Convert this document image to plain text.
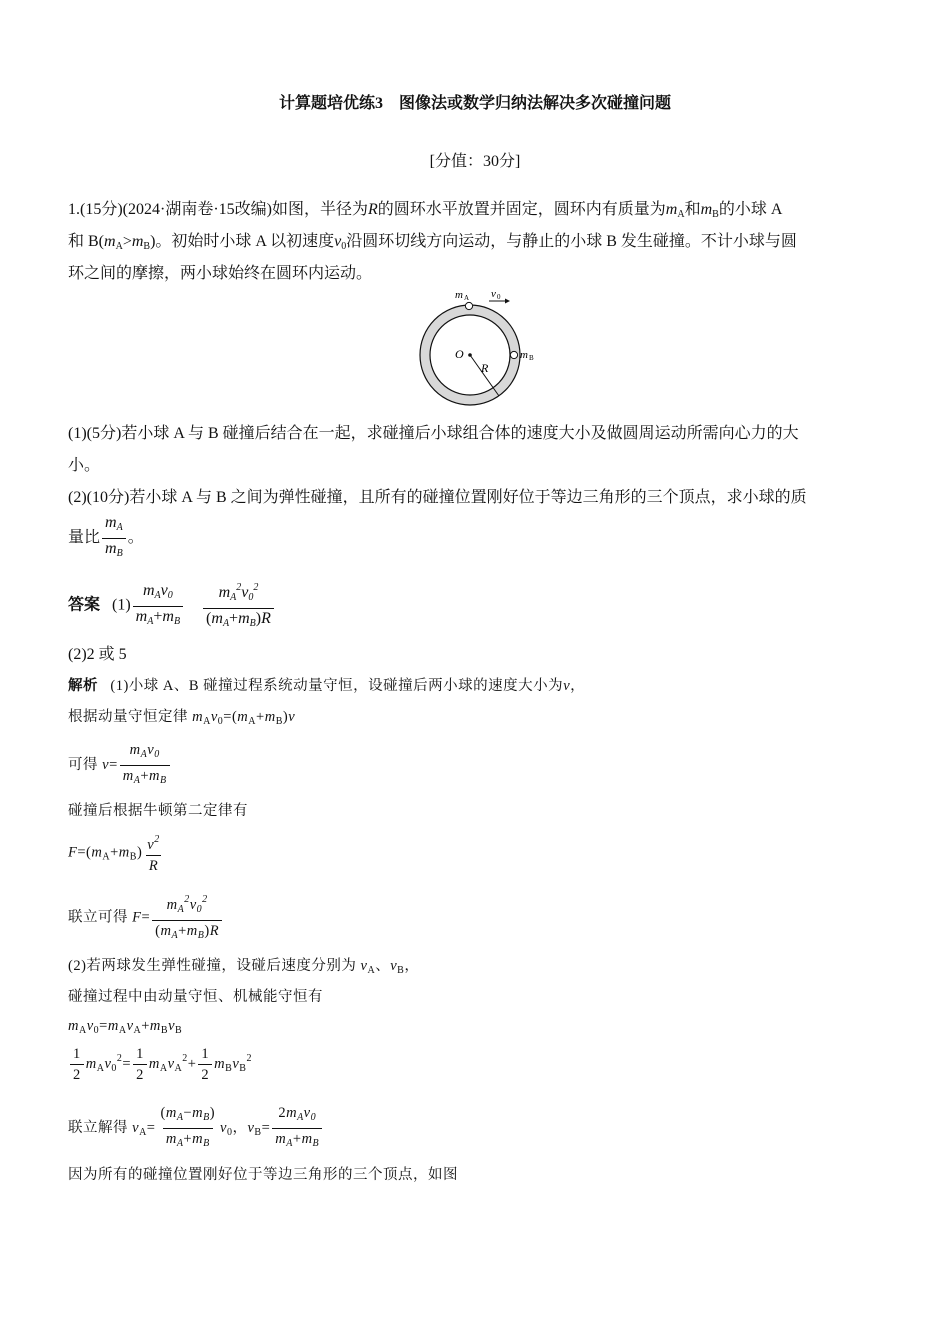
计算题培优练3　图像法或数学归纳法解决多次碰撞问题
[分值：30分]
1.(15分)(2024·湖南卷·15改编)如图，半径为R的圆环水平放置并固定，圆环内有质量为$m_A$和$m_B$的小球 A
和 $B(m_A>m_B)$。初始时小球 A 以初速度$v_0$沿圆环切线方向运动，与静止的小球 B 发生碰撞。不计小球与圆
环之间的摩擦，两小球始终在圆环内运动。
O
R
m A v 0
m B
(1)(5分)若小球 A 与 B 碰撞后结合在一起，求碰撞后小球组合体的速度大小及做圆周运动所需向心力的大
小。
(2)(10分)若小球 A 与 B 之间为弹性碰撞，且所有的碰撞位置刚好位于等边三角形的三个顶点，求小球的质
量比 $\frac{m_A}{m_B}$ 。
答案 $(1) \frac{m_Av_0}{m_A+m_B}$
$\frac{m_A^2v_0^2}{(m_A+m_B)R}$
(2)2 或 5
解析 (1)小球 A、B 碰撞过程系统动量守恒，设碰撞后两小球的速度大小为v，
根据动量守恒定律 $m_Av_0=(m_A+m_B)v$
可得 $v= \frac{m_Av_0}{m_A+m_B}$
碰撞后根据牛顿第二定律有
$F=(m_A+m_B) \frac{v^2}{R}$
联立可得 $F= \frac{m_A^2v_0^2}{(m_A+m_B)R}$
(2)若两球发生弹性碰撞，设碰后速度分别为 $v_A$、$v_B$，
碰撞过程中由动量守恒、机械能守恒有
$m_Av_0=m_Av_A+m_Bv_B$
$\frac{1}{2} m_Av_0^2= \frac{1}{2} m_Av_A^2+ \frac{1}{2} m_Bv_B^2$
联立解得 $v_A= \frac{(m_A-m_B)}{m_A+m_B} v_0$，$v_B= \frac{2m_Av_0}{m_A+m_B}$
因为所有的碰撞位置刚好位于等边三角形的三个顶点，如图
